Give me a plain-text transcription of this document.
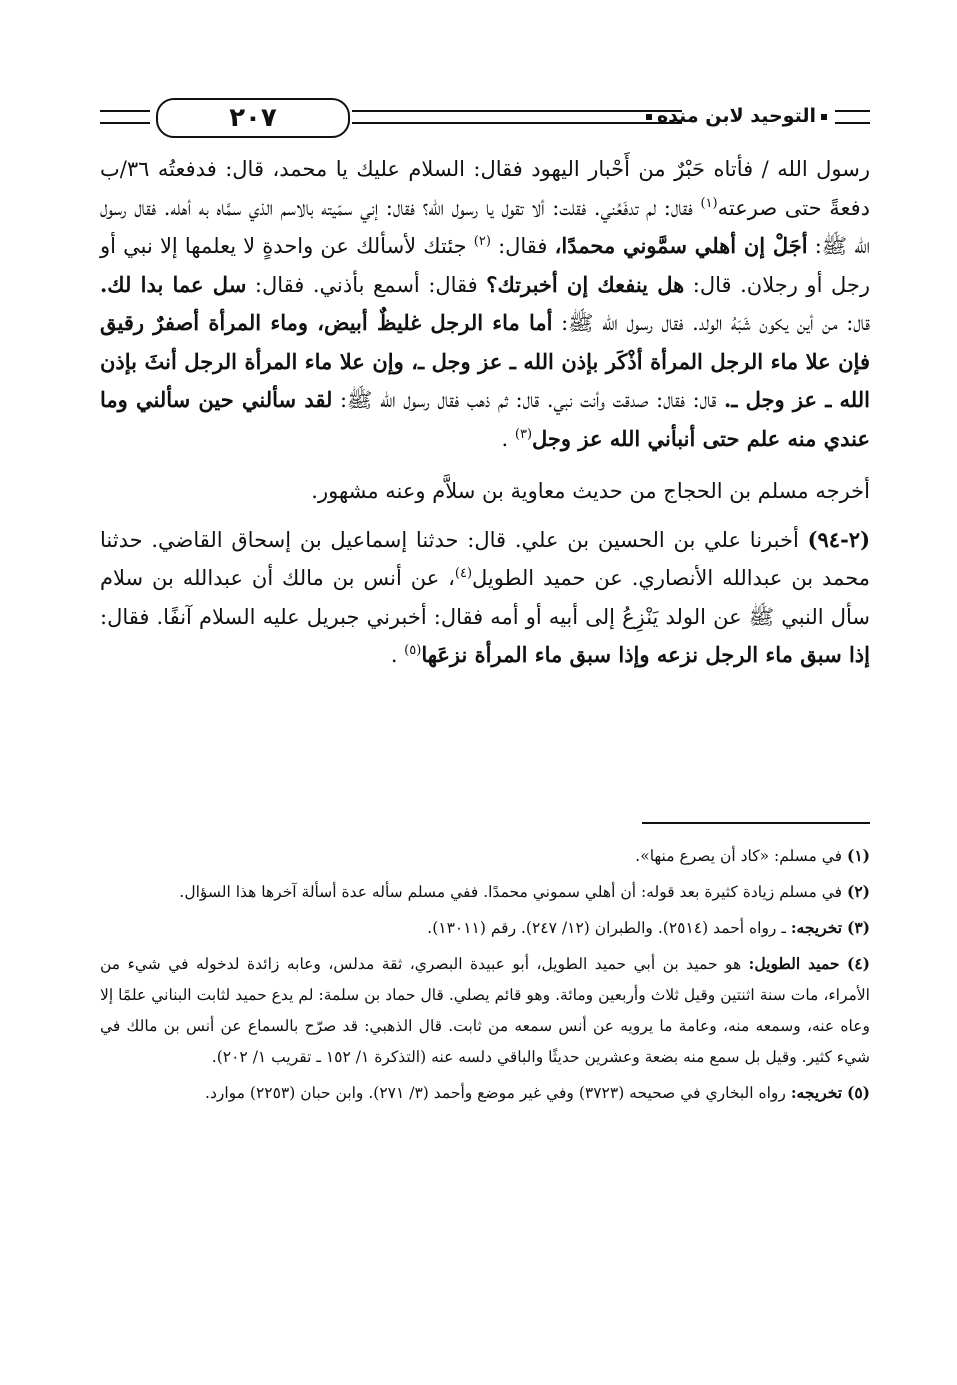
٢٠٧	التوحيد لابن منده

رسول الله / فأتاه حَبْرٌ من أَحْبار اليهود فقال: السلام عليك يا محمد، قال: فدفعتُه ٣٦/ب دفعةً حتى صرعته$^{(١)}$ فقال: لم تدفَعُني. فقلت: ألا تقول يا رسول الله؟ فقال: إني سمّيته بالاسم الذي سمَّاه به أهله. فقال رسول الله ﷺ: أجَلْ إن أهلي سمَّوني محمدًا، فقال: $^{(٢)}$ جئتك لأسألك عن واحدةٍ لا يعلمها إلا نبي أو رجل أو رجلان. قال: هل ينفعك إن أخبرتك؟ فقال: أسمع بأذني. فقال: سل عما بدا لك. قال: من أين يكون شَبَهُ الولد. فقال رسول الله ﷺ: أما ماء الرجل غليظٌ أبيض، وماء المرأة أصفرٌ رقيق فإن علا ماء الرجل المرأة أذْكَر بإذن الله ـ عز وجل ـ، وإن علا ماء المرأة الرجل أنثَ بإذن الله ـ عز وجل ـ. قال: فقال: صدقت وأنت نبي. قال: ثم ذهب فقال رسول الله ﷺ: لقد سألني حين سألني وما عندي منه علم حتى أنبأني الله عز وجل$^{(٣)}$ .

أخرجه مسلم بن الحجاج من حديث معاوية بن سلاَّم وعنه مشهور.

(٢-٩٤) أخبرنا علي بن الحسين بن علي. قال: حدثنا إسماعيل بن إسحاق القاضي. حدثنا محمد بن عبدالله الأنصاري. عن حميد الطويل$^{(٤)}$، عن أنس بن مالك أن عبدالله بن سلام سأل النبي ﷺ عن الولد يَنْزِعُ إلى أبيه أو أمه فقال: أخبرني جبريل عليه السلام آنفًا. فقال: إذا سبق ماء الرجل نزعه وإذا سبق ماء المرأة نزعَها$^{(٥)}$ .

(١) في مسلم: «كاد أن يصرع منها».

(٢) في مسلم زيادة كثيرة بعد قوله: أن أهلي سموني محمدًا. ففي مسلم سأله عدة أسألة آخرها هذا السؤال.

(٣) تخريجه: ـ رواه أحمد (٢٥١٤). والطبران (١٢/ ٢٤٧). رقم (١٣٠١١).

(٤) حميد الطويل: هو حميد بن أبي حميد الطويل، أبو عبيدة البصري، ثقة مدلس، وعابه زائدة لدخوله في شيء من الأمراء، مات سنة اثنتين وقيل ثلاث وأربعين ومائة. وهو قائم يصلي. قال حماد بن سلمة: لم يدع حميد لثابت البناني علمًا إلا وعاه عنه، وسمعه منه، وعامة ما يرويه عن أنس سمعه من ثابت. قال الذهبي: قد صرّح بالسماع عن أنس بن مالك في شيء كثير. وقيل بل سمع منه بضعة وعشرين حديثًا والباقي دلسه عنه (التذكرة ١/ ١٥٢ ـ تقريب ١/ ٢٠٢).

(٥) تخريجه: رواه البخاري في صحيحه (٣٧٢٣) وفي غير موضع وأحمد (٣/ ٢٧١). وابن حبان (٢٢٥٣) موارد.
